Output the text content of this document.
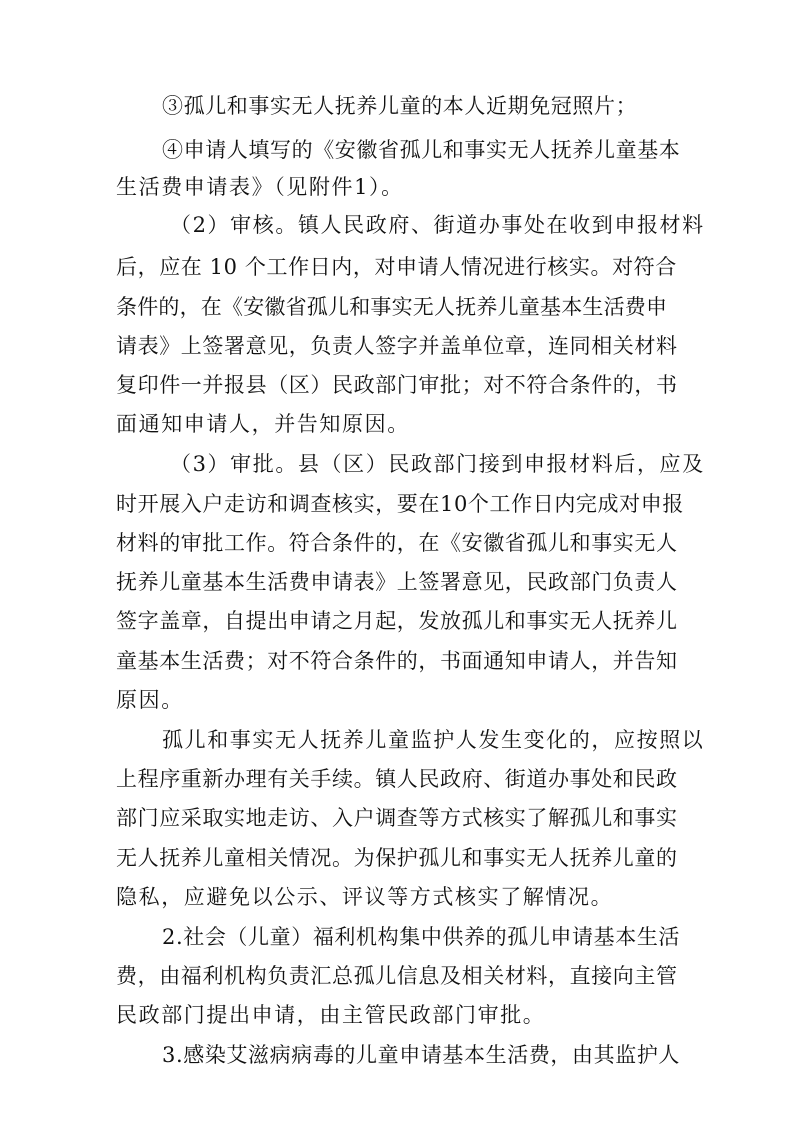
③孤儿和事实无人抚养儿童的本人近期免冠照片；
④申请人填写的《安徽省孤儿和事实无人抚养儿童基本
生活费申请表》（见附件1）。
（2）审核。镇人民政府、街道办事处在收到申报材料
后，应在 10 个工作日内，对申请人情况进行核实。对符合
条件的，在《安徽省孤儿和事实无人抚养儿童基本生活费申
请表》上签署意见，负责人签字并盖单位章，连同相关材料
复印件一并报县（区）民政部门审批；对不符合条件的，书
面通知申请人，并告知原因。
（3）审批。县（区）民政部门接到申报材料后，应及
时开展入户走访和调查核实，要在10个工作日内完成对申报
材料的审批工作。符合条件的，在《安徽省孤儿和事实无人
抚养儿童基本生活费申请表》上签署意见，民政部门负责人
签字盖章，自提出申请之月起，发放孤儿和事实无人抚养儿
童基本生活费；对不符合条件的，书面通知申请人，并告知
原因。
孤儿和事实无人抚养儿童监护人发生变化的，应按照以
上程序重新办理有关手续。镇人民政府、街道办事处和民政
部门应采取实地走访、入户调查等方式核实了解孤儿和事实
无人抚养儿童相关情况。为保护孤儿和事实无人抚养儿童的
隐私，应避免以公示、评议等方式核实了解情况。
2.社会（儿童）福利机构集中供养的孤儿申请基本生活
费，由福利机构负责汇总孤儿信息及相关材料，直接向主管
民政部门提出申请，由主管民政部门审批。
3.感染艾滋病病毒的儿童申请基本生活费，由其监护人
